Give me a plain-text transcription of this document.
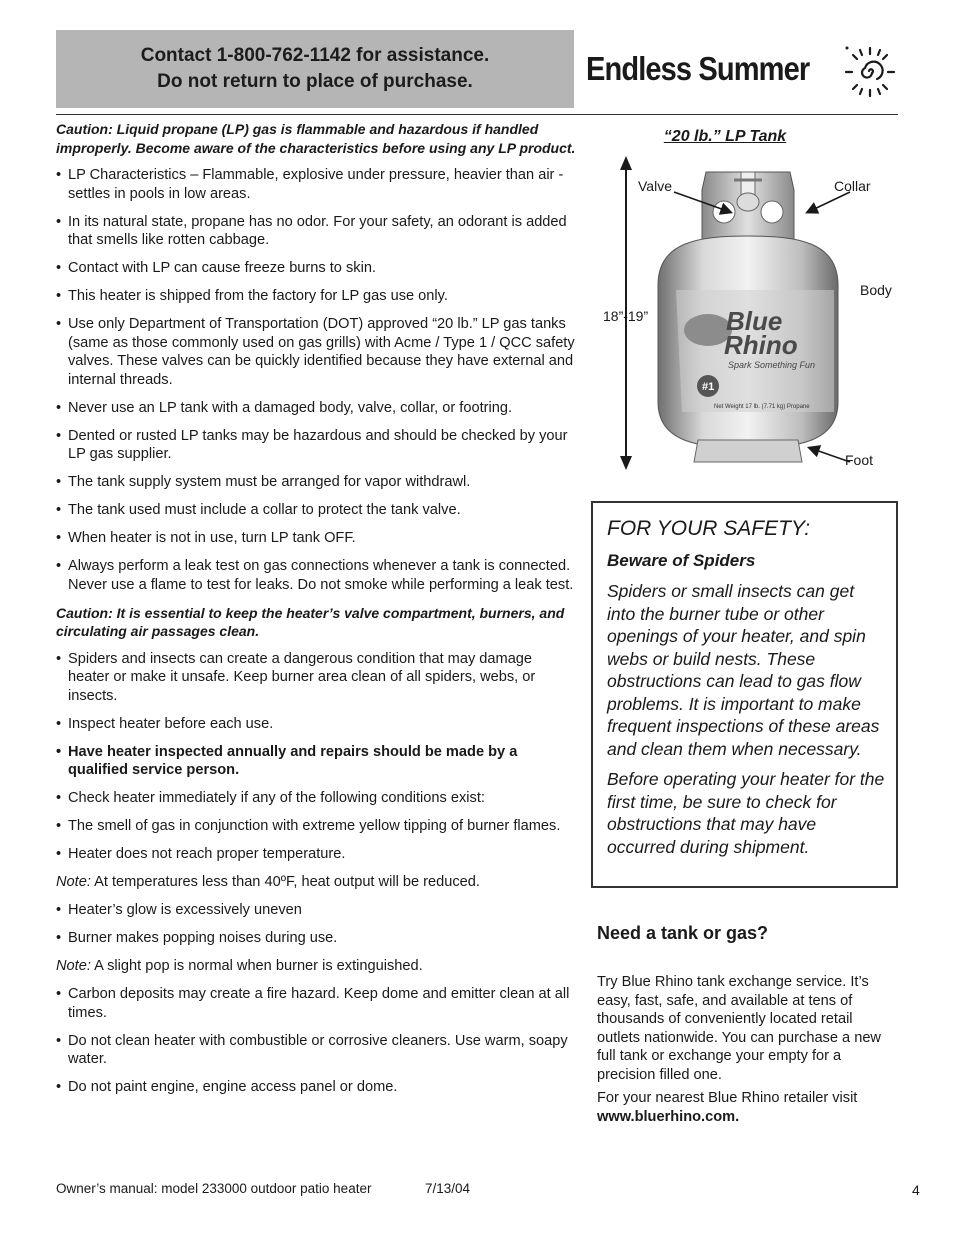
Contact 1-800-762-1142 for assistance.
Do not return to place of purchase.	Endless Summer

Caution: Liquid propane (LP) gas is flammable and hazardous if handled improperly. Become aware of the characteristics before using any LP product.

• LP Characteristics – Flammable, explosive under pressure, heavier than air - settles in pools in low areas.
• In its natural state, propane has no odor. For your safety, an odorant is added that smells like rotten cabbage.
• Contact with LP can cause freeze burns to skin.
• This heater is shipped from the factory for LP gas use only.
• Use only Department of Transportation (DOT) approved “20 lb.” LP gas tanks (same as those commonly used on gas grills) with Acme / Type 1 / QCC safety valves. These valves can be quickly identified because they have external and internal threads.
• Never use an LP tank with a damaged body, valve, collar, or footring.
• Dented or rusted LP tanks may be hazardous and should be checked by your LP gas supplier.
• The tank supply system must be arranged for vapor withdrawl.
• The tank used must include a collar to protect the tank valve.
• When heater is not in use, turn LP tank OFF.
• Always perform a leak test on gas connections whenever a tank is connected. Never use a flame to test for leaks. Do not smoke while performing a leak test.

Caution: It is essential to keep the heater’s valve compartment, burners, and circulating air passages clean.

• Spiders and insects can create a dangerous condition that may damage heater or make it unsafe. Keep burner area clean of all spiders, webs, or insects.
• Inspect heater before each use.
• Have heater inspected annually and repairs should be made by a qualified service person.
• Check heater immediately if any of the following conditions exist:
• The smell of gas in conjunction with extreme yellow tipping of burner flames.
• Heater does not reach proper temperature.

Note: At temperatures less than 40ºF, heat output will be reduced.

• Heater’s glow is excessively uneven
• Burner makes popping noises during use.

Note: A slight pop is normal when burner is extinguished.

• Carbon deposits may create a fire hazard. Keep dome and emitter clean at all times.
• Do not clean heater with combustible or corrosive cleaners. Use warm, soapy water.
• Do not paint engine, engine access panel or dome.
“20 lb.” LP Tank
Blue
Rhino
Spark Something Fun
#1
Net Weight 17 lb. (7.71 kg) Propane
Valve	Collar
Body
18”-19”
Foot
FOR YOUR SAFETY:
Beware of Spiders

Spiders or small insects can get into the burner tube or other openings of your heater, and spin webs or build nests. These obstructions can lead to gas flow problems. It is important to make frequent inspections of these areas and clean them when necessary.

Before operating your heater for the first time, be sure to check for obstructions that may have occurred during shipment.

Need a tank or gas?

Try Blue Rhino tank exchange service. It’s easy, fast, safe, and available at tens of thousands of conveniently located retail outlets nationwide. You can purchase a new full tank or exchange your empty for a precision filled one.

For your nearest Blue Rhino retailer visit
www.bluerhino.com.

Owner’s manual: model 233000 outdoor patio heater	7/13/04	4
